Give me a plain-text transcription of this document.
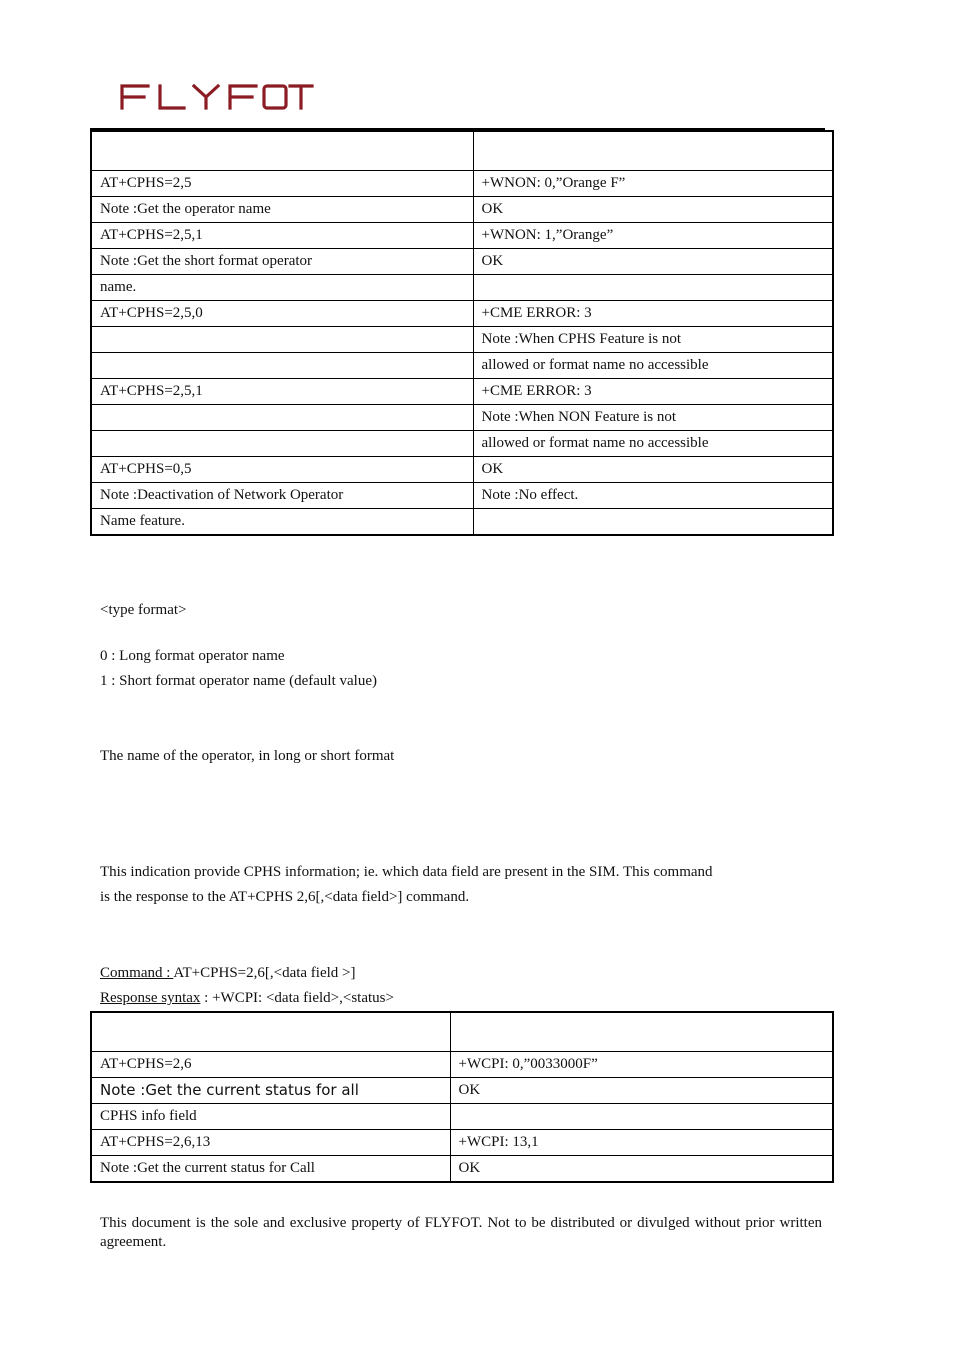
AT+CPHS=2,5	+WNON: 0,”Orange F”
Note :Get the operator name	OK
AT+CPHS=2,5,1	+WNON: 1,”Orange”
Note :Get the short format operator	OK
name.	
AT+CPHS=2,5,0	+CME ERROR: 3
	Note :When CPHS Feature is not
	allowed or format name no accessible
AT+CPHS=2,5,1	+CME ERROR: 3
	Note :When NON Feature is not
	allowed or format name no accessible
AT+CPHS=0,5	OK
Note :Deactivation of Network Operator	Note :No effect.
Name feature.	
<type format>
0 : Long format operator name
1 : Short format operator name (default value)
The name of the operator, in long or short format
This indication provide CPHS information; ie. which data field are present in the SIM. This command
is the response to the AT+CPHS 2,6[,<data field>] command.
Command : AT+CPHS=2,6[,<data field >]
Response syntax : +WCPI: <data field>,<status>

AT+CPHS=2,6	+WCPI: 0,”0033000F”
Note :Get the current status for all	OK
CPHS info field	
AT+CPHS=2,6,13	+WCPI: 13,1
Note :Get the current status for Call	OK
This document is the sole and exclusive property of FLYFOT. Not to be distributed or divulged without prior written agreement.
